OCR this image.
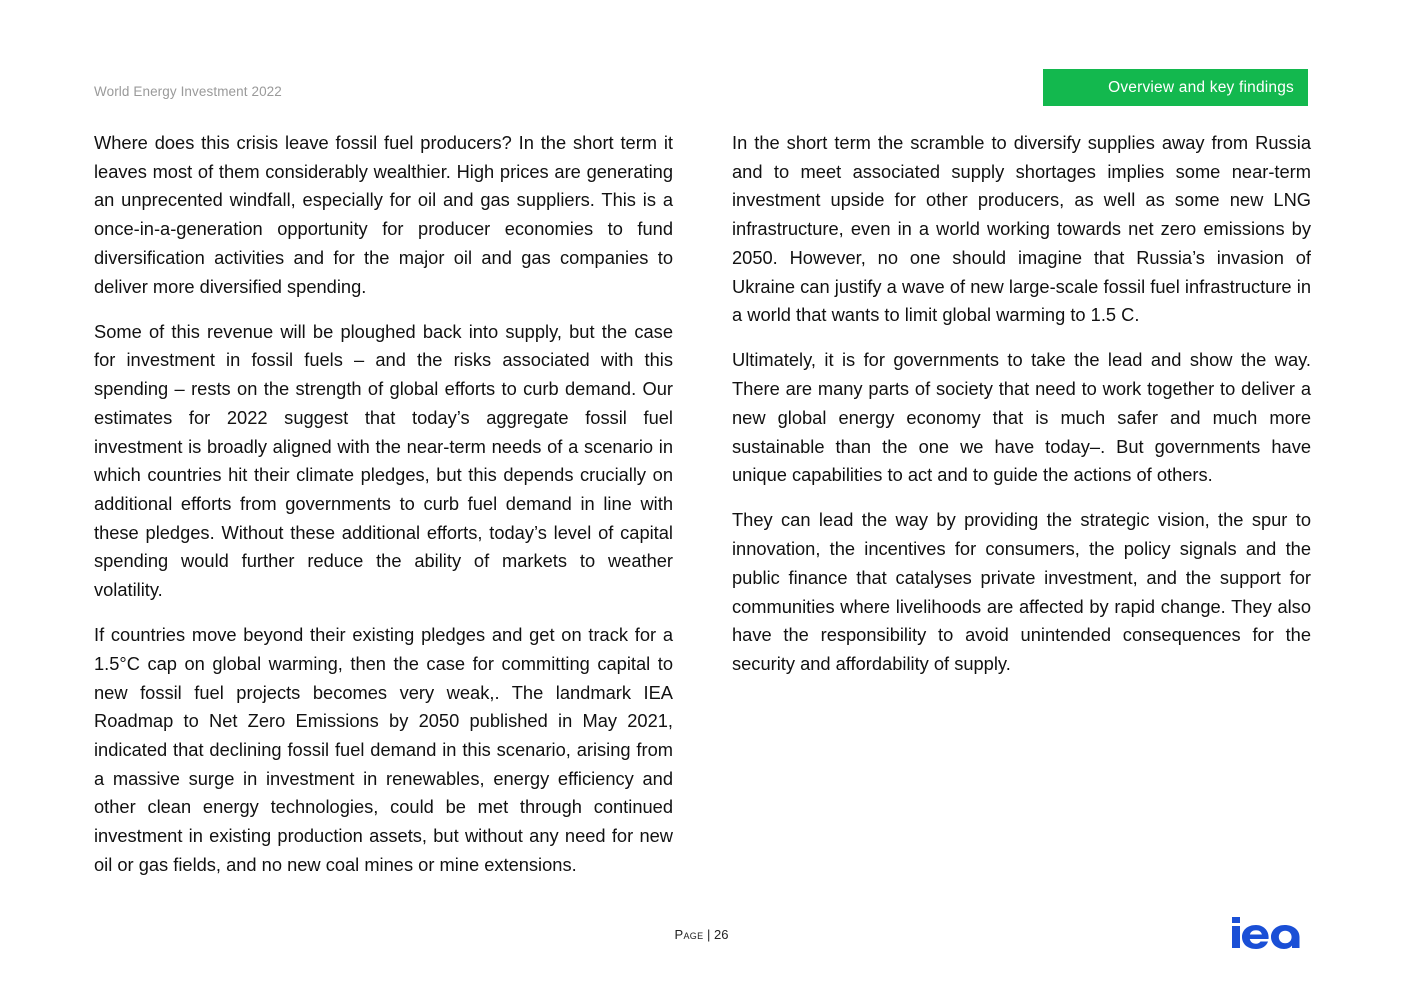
World Energy Investment 2022	Overview and key findings

Where does this crisis leave fossil fuel producers? In the short term it leaves most of them considerably wealthier. High prices are generating an unprecented windfall, especially for oil and gas suppliers. This is a once-in-a-generation opportunity for producer economies to fund diversification activities and for the major oil and gas companies to deliver more diversified spending.

Some of this revenue will be ploughed back into supply, but the case for investment in fossil fuels – and the risks associated with this spending – rests on the strength of global efforts to curb demand. Our estimates for 2022 suggest that today’s aggregate fossil fuel investment is broadly aligned with the near-term needs of a scenario in which countries hit their climate pledges, but this depends crucially on additional efforts from governments to curb fuel demand in line with these pledges. Without these additional efforts, today’s level of capital spending would further reduce the ability of markets to weather volatility.

If countries move beyond their existing pledges and get on track for a 1.5°C cap on global warming, then the case for committing capital to new fossil fuel projects becomes very weak,. The landmark IEA Roadmap to Net Zero Emissions by 2050 published in May 2021, indicated that declining fossil fuel demand in this scenario, arising from a massive surge in investment in renewables, energy efficiency and other clean energy technologies, could be met through continued investment in existing production assets, but without any need for new oil or gas fields, and no new coal mines or mine extensions.

In the short term the scramble to diversify supplies away from Russia and to meet associated supply shortages implies some near-term investment upside for other producers, as well as some new LNG infrastructure, even in a world working towards net zero emissions by 2050. However, no one should imagine that Russia’s invasion of Ukraine can justify a wave of new large-scale fossil fuel infrastructure in a world that wants to limit global warming to 1.5 C.

Ultimately, it is for governments to take the lead and show the way. There are many parts of society that need to work together to deliver a new global energy economy that is much safer and much more sustainable than the one we have today–. But governments have unique capabilities to act and to guide the actions of others.

They can lead the way by providing the strategic vision, the spur to innovation, the incentives for consumers, the policy signals and the public finance that catalyses private investment, and the support for communities where livelihoods are affected by rapid change. They also have the responsibility to avoid unintended consequences for the security and affordability of supply.

Page | 26
